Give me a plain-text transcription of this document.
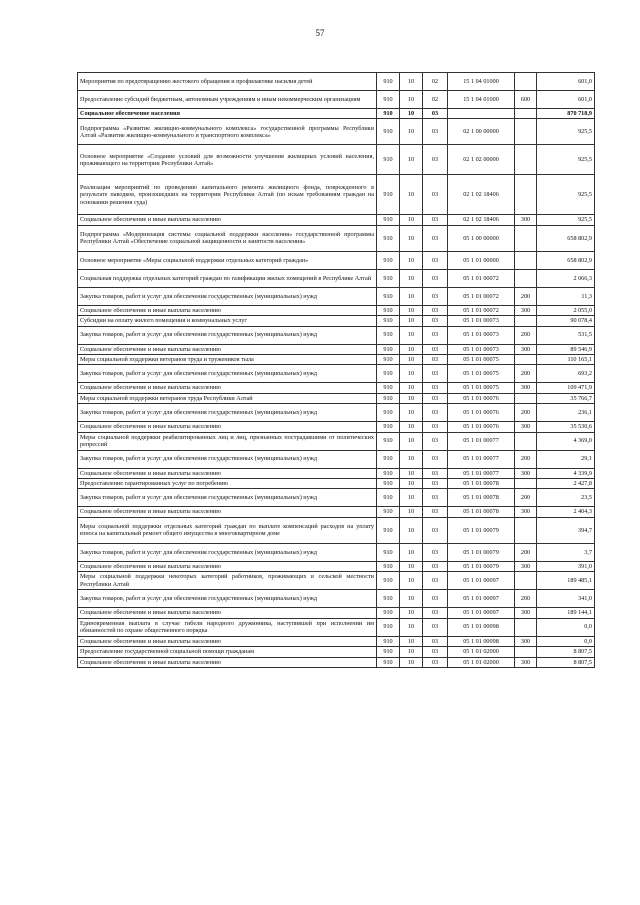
57
Мероприятия по предотвращению жестокого обращения и профилактике насилия детей	910	10	02	15 1 04 01000		601,0
Предоставление субсидий бюджетным, автономным учреждениям и иным некоммерческим организациям	910	10	02	15 1 04 01000	600	601,0
Социальное обеспечение населения	910	10	03			870 718,9
Подпрограмма «Развитие жилищно-коммунального комплекса» государственной программы Республики Алтай «Развитие жилищно-коммунального и транспортного комплекса»	910	10	03	02 1 00 00000		925,5
Основное мероприятие «Создание условий для возможности улучшения жилищных условий населения, проживающего на территории Республики Алтай»	910	10	03	02 1 02 00000		925,5
Реализация мероприятий по проведению капитального ремонта жилищного фонда, поврежденного в результате паводков, произошедших на территории Республики Алтай (по искам требованиям граждан на основании решения суда)	910	10	03	02 1 02 18406		925,5
Социальное обеспечение и иные выплаты населению	910	10	03	02 1 02 18406	300	925,5
Подпрограмма «Модернизация системы социальной поддержки населения» государственной программы Республики Алтай «Обеспечение социальной защищенности и занятости населения»	910	10	03	05 1 00 00000		658 802,9
Основное мероприятие «Меры социальной поддержки отдельных категорий граждан»	910	10	03	05 1 01 00000		658 802,9
Социальная поддержка отдельных категорий граждан по газификации жилых помещений в Республике Алтай	910	10	03	05 1 01 00072		2 066,3
Закупка товаров, работ и услуг для обеспечения государственных (муниципальных) нужд	910	10	03	05 1 01 00072	200	11,3
Социальное обеспечение и иные выплаты населению	910	10	03	05 1 01 00072	300	2 055,0
Субсидии на оплату жилого помещения и коммунальных услуг	910	10	03	05 1 01 00073		90 078,4
Закупка товаров, работ и услуг для обеспечения государственных (муниципальных) нужд	910	10	03	05 1 01 00073	200	531,5
Социальное обеспечение и иные выплаты населению	910	10	03	05 1 01 00073	300	89 546,9
Меры социальной поддержки ветеранов труда и тружеников тыла	910	10	03	05 1 01 00075		110 165,1
Закупка товаров, работ и услуг для обеспечения государственных (муниципальных) нужд	910	10	03	05 1 01 00075	200	693,2
Социальное обеспечение и иные выплаты населению	910	10	03	05 1 01 00075	300	109 471,9
Меры социальной поддержки ветеранов труда Республики Алтай	910	10	03	05 1 01 00076		35 766,7
Закупка товаров, работ и услуг для обеспечения государственных (муниципальных) нужд	910	10	03	05 1 01 00076	200	236,1
Социальное обеспечение и иные выплаты населению	910	10	03	05 1 01 00076	300	35 530,6
Меры социальной поддержки реабилитированных лиц и лиц, признанных пострадавшими от политических репрессий	910	10	03	05 1 01 00077		4 369,0
Закупка товаров, работ и услуг для обеспечения государственных (муниципальных) нужд	910	10	03	05 1 01 00077	200	29,1
Социальное обеспечение и иные выплаты населению	910	10	03	05 1 01 00077	300	4 339,9
Предоставление гарантированных услуг по погребению	910	10	03	05 1 01 00078		2 427,8
Закупка товаров, работ и услуг для обеспечения государственных (муниципальных) нужд	910	10	03	05 1 01 00078	200	23,5
Социальное обеспечение и иные выплаты населению	910	10	03	05 1 01 00078	300	2 404,3
Меры социальной поддержки отдельных категорий граждан по выплате компенсаций расходов на уплату взноса на капитальный ремонт общего имущества в многоквартирном доме	910	10	03	05 1 01 00079		394,7
Закупка товаров, работ и услуг для обеспечения государственных (муниципальных) нужд	910	10	03	05 1 01 00079	200	3,7
Социальное обеспечение и иные выплаты населению	910	10	03	05 1 01 00079	300	391,0
Меры социальной поддержки некоторых категорий работников, проживающих в сельской местности Республики Алтай	910	10	03	05 1 01 00097		189 485,1
Закупка товаров, работ и услуг для обеспечения государственных (муниципальных) нужд	910	10	03	05 1 01 00097	200	341,0
Социальное обеспечение и иные выплаты населению	910	10	03	05 1 01 00097	300	189 144,1
Единовременная выплата в случае гибели народного дружинника, наступившей при исполнении им обязанностей по охране общественного порядка	910	10	03	05 1 01 00098		0,0
Социальное обеспечение и иные выплаты населению	910	10	03	05 1 01 00098	300	0,0
Предоставление государственной социальной помощи гражданам	910	10	03	05 1 01 02000		8 807,5
Социальное обеспечение и иные выплаты населению	910	10	03	05 1 01 02000	300	8 807,5
